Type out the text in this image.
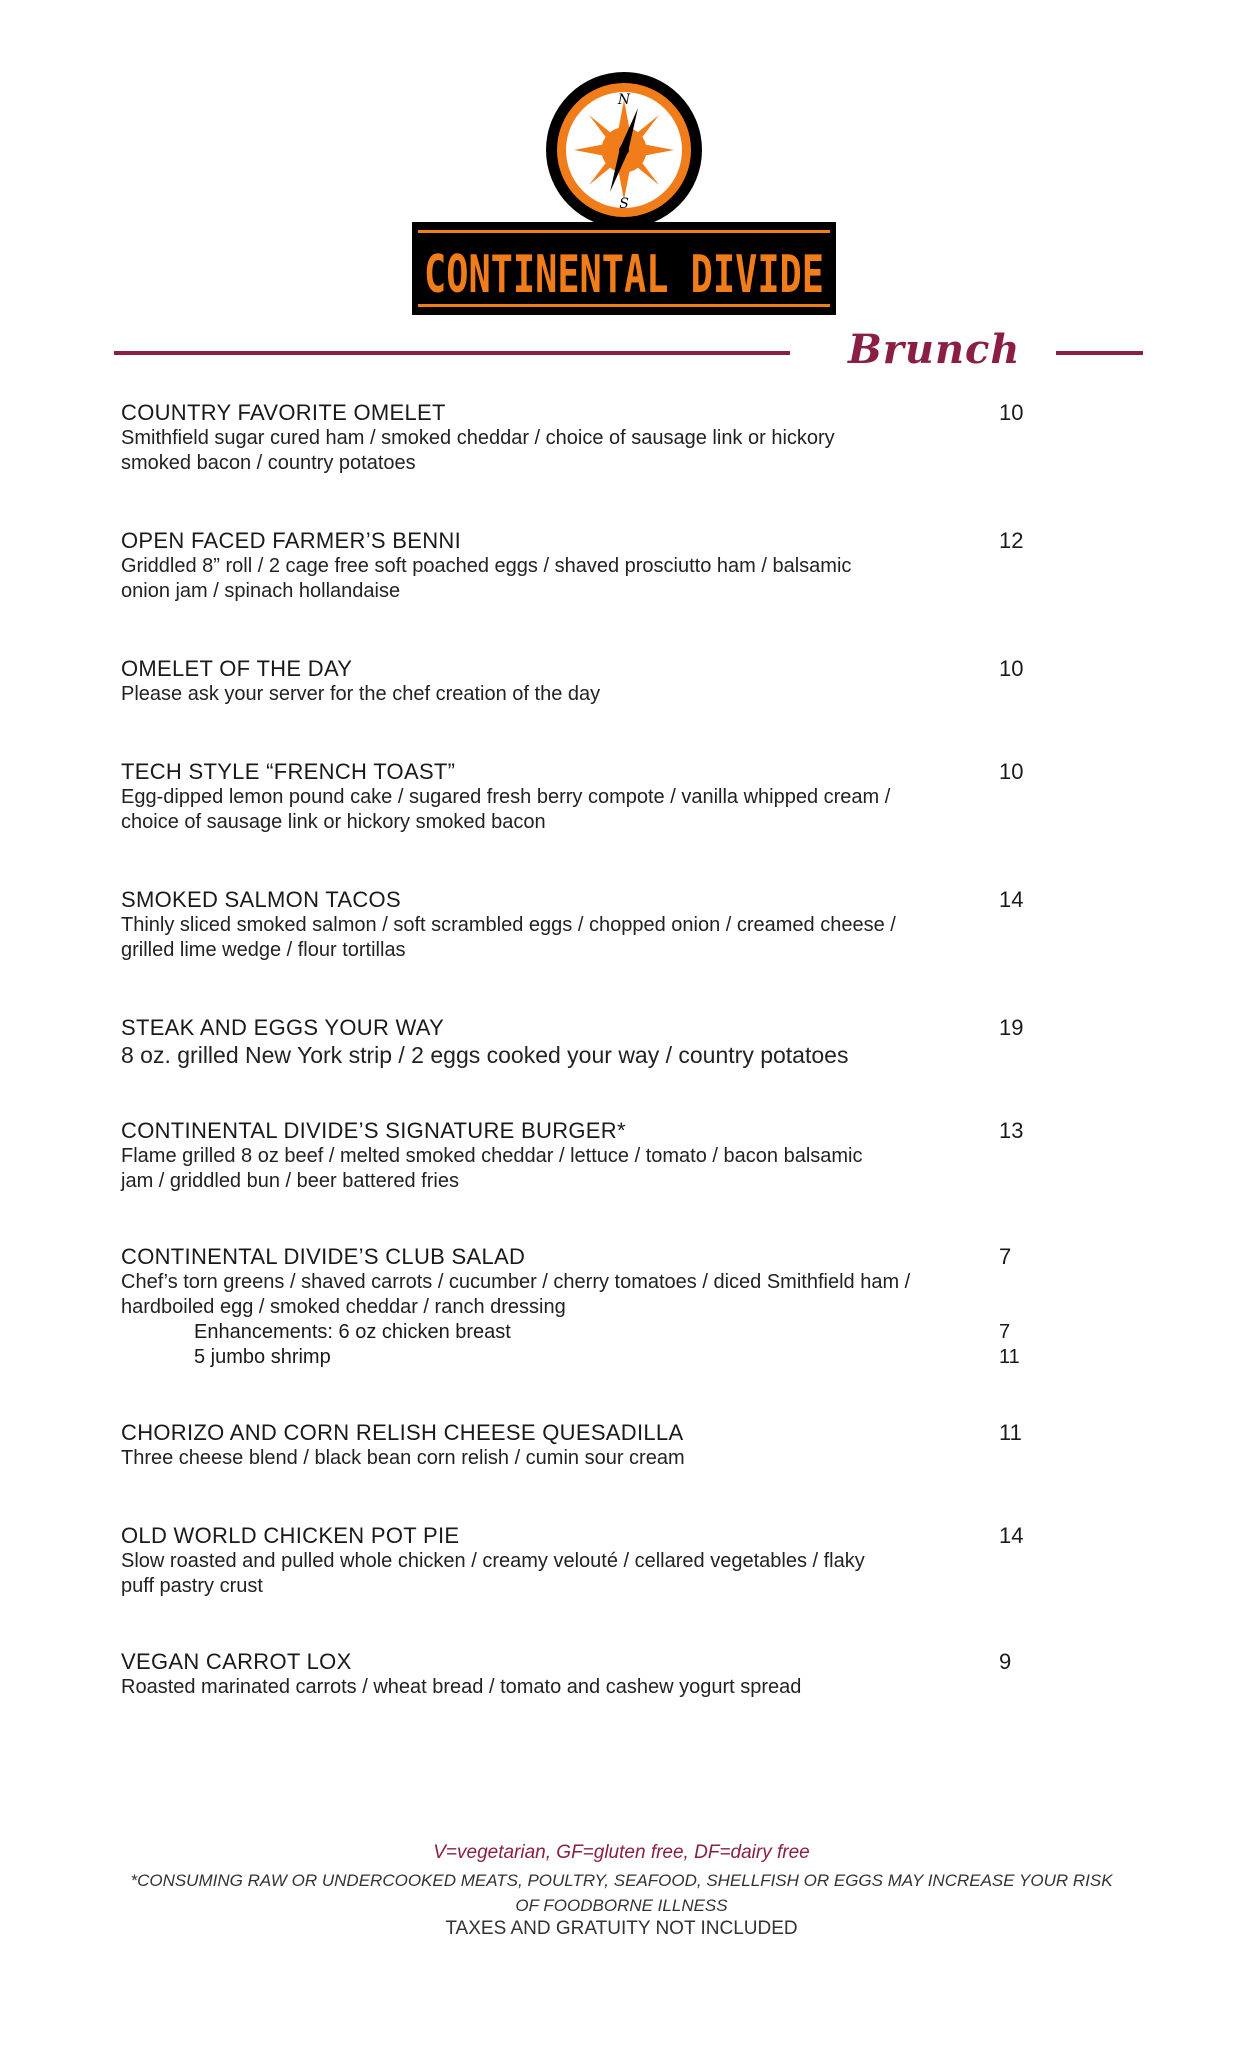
N
S
CONTINENTAL DIVIDE
Brunch
COUNTRY FAVORITE OMELET	10
Smithfield sugar cured ham / smoked cheddar / choice of sausage link or hickory
smoked bacon / country potatoes
OPEN FACED FARMER’S BENNI	12
Griddled 8” roll / 2 cage free soft poached eggs / shaved prosciutto ham / balsamic
onion jam / spinach hollandaise
OMELET OF THE DAY	10
Please ask your server for the chef creation of the day
TECH STYLE “FRENCH TOAST”	10
Egg-dipped lemon pound cake / sugared fresh berry compote / vanilla whipped cream /
choice of sausage link or hickory smoked bacon
SMOKED SALMON TACOS	14
Thinly sliced smoked salmon / soft scrambled eggs / chopped onion / creamed cheese /
grilled lime wedge / flour tortillas
STEAK AND EGGS YOUR WAY	19
8 oz. grilled New York strip / 2 eggs cooked your way / country potatoes
CONTINENTAL DIVIDE’S SIGNATURE BURGER*	13
Flame grilled 8 oz beef / melted smoked cheddar / lettuce / tomato / bacon balsamic
jam / griddled bun / beer battered fries
CONTINENTAL DIVIDE’S CLUB SALAD	7
Chef’s torn greens / shaved carrots / cucumber / cherry tomatoes / diced Smithfield ham /
hardboiled egg / smoked cheddar / ranch dressing
Enhancements: 6 oz chicken breast	7
5 jumbo shrimp	11
CHORIZO AND CORN RELISH CHEESE QUESADILLA	11
Three cheese blend / black bean corn relish / cumin sour cream
OLD WORLD CHICKEN POT PIE	14
Slow roasted and pulled whole chicken / creamy velouté / cellared vegetables / flaky
puff pastry crust
VEGAN CARROT LOX	9
Roasted marinated carrots / wheat bread / tomato and cashew yogurt spread
V=vegetarian, GF=gluten free, DF=dairy free
*CONSUMING RAW OR UNDERCOOKED MEATS, POULTRY, SEAFOOD, SHELLFISH OR EGGS MAY INCREASE YOUR RISK OF FOODBORNE ILLNESS
TAXES AND GRATUITY NOT INCLUDED
